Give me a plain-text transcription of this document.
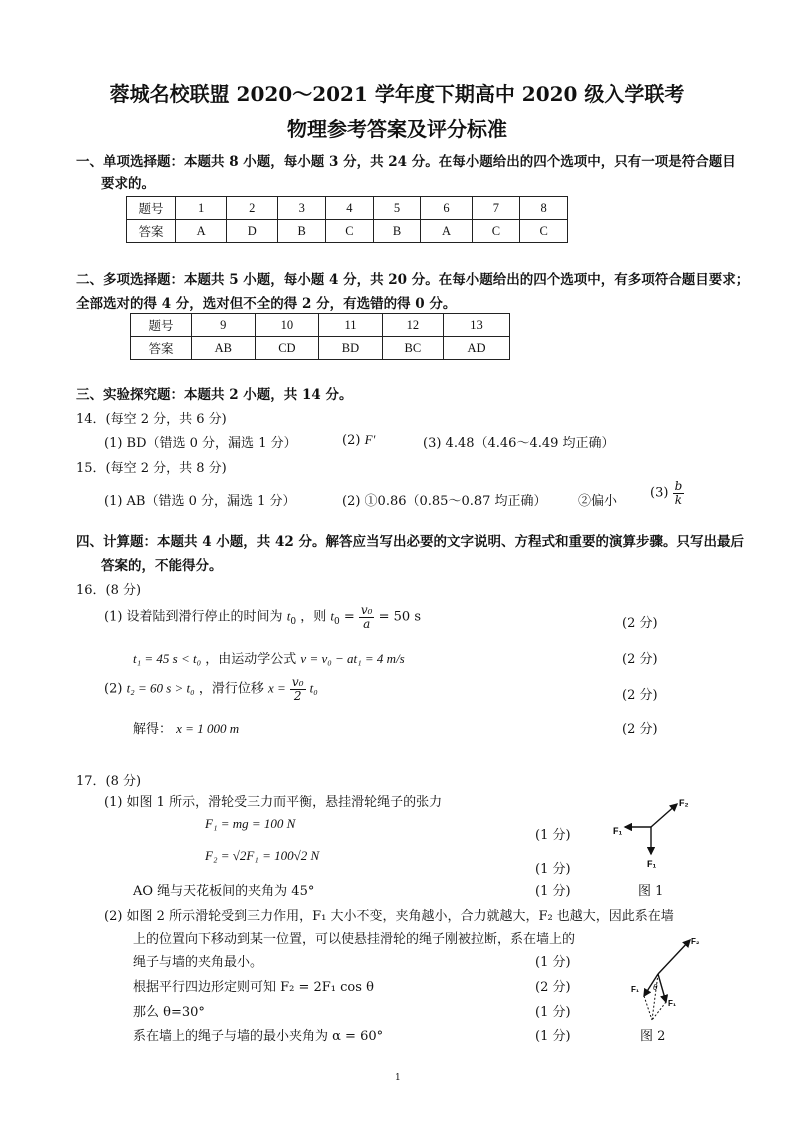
蓉城名校联盟 2020～2021 学年度下期高中 2020 级入学联考
物理参考答案及评分标准
一、单项选择题：本题共 8 小题，每小题 3 分，共 24 分。在每小题给出的四个选项中，只有一项是符合题目
要求的。
题号	1	2	3	4	5	6	7	8
答案	A	D	B	C	B	A	C	C
二、多项选择题：本题共 5 小题，每小题 4 分，共 20 分。在每小题给出的四个选项中，有多项符合题目要求；
全部选对的得 4 分，选对但不全的得 2 分，有选错的得 0 分。
题号	9	10	11	12	13
答案	AB	CD	BD	BC	AD
三、实验探究题：本题共 2 小题，共 14 分。
14．(每空 2 分，共 6 分)
(1) BD（错选 0 分，漏选 1 分）	(2) F′	(3) 4.48（4.46～4.49 均正确）
15．(每空 2 分，共 8 分)
(1) AB（错选 0 分，漏选 1 分）	(2) ①0.86（0.85～0.87 均正确） ②偏小
$(3) \frac{b}{k}$
四、计算题：本题共 4 小题，共 42 分。解答应当写出必要的文字说明、方程式和重要的演算步骤。只写出最后
答案的，不能得分。
16．(8 分)
(1) 设着陆到滑行停止的时间为 $t_0$ ，则 $t_0 = \frac{\text{v₀}}{a} = 50$ s	(2 分)
t₁ = 45 s < t₀ ，由运动学公式 v = v₀ − at₁ = 4 m/s	(2 分)
(2) t₂ = 60 s > t₀ ，滑行位移 $x = \frac{\text{v₀}}{2} t_0$	(2 分)
解得： x = 1 000 m	(2 分)
17．(8 分)
(1) 如图 1 所示，滑轮受三力而平衡，悬挂滑轮绳子的张力
F₁ = mg = 100 N
(1 分)
F₂ = √2F₁ = 100√2 N
(1 分)
AO 绳与天花板间的夹角为 45°	(1 分)
F₁
F₁
F₂
图 1
(2) 如图 2 所示滑轮受到三力作用，F₁ 大小不变，夹角越小，合力就越大，F₂ 也越大，因此系在墙
上的位置向下移动到某一位置，可以使悬挂滑轮的绳子刚被拉断，系在墙上的
绳子与墙的夹角最小。	(1 分)
根据平行四边形定则可知 F₂ = 2F₁ cos θ	(2 分)
那么 θ=30°	(1 分)
系在墙上的绳子与墙的最小夹角为 α = 60°	(1 分)
F₁
F₁
F₂
θ
图 2
1
